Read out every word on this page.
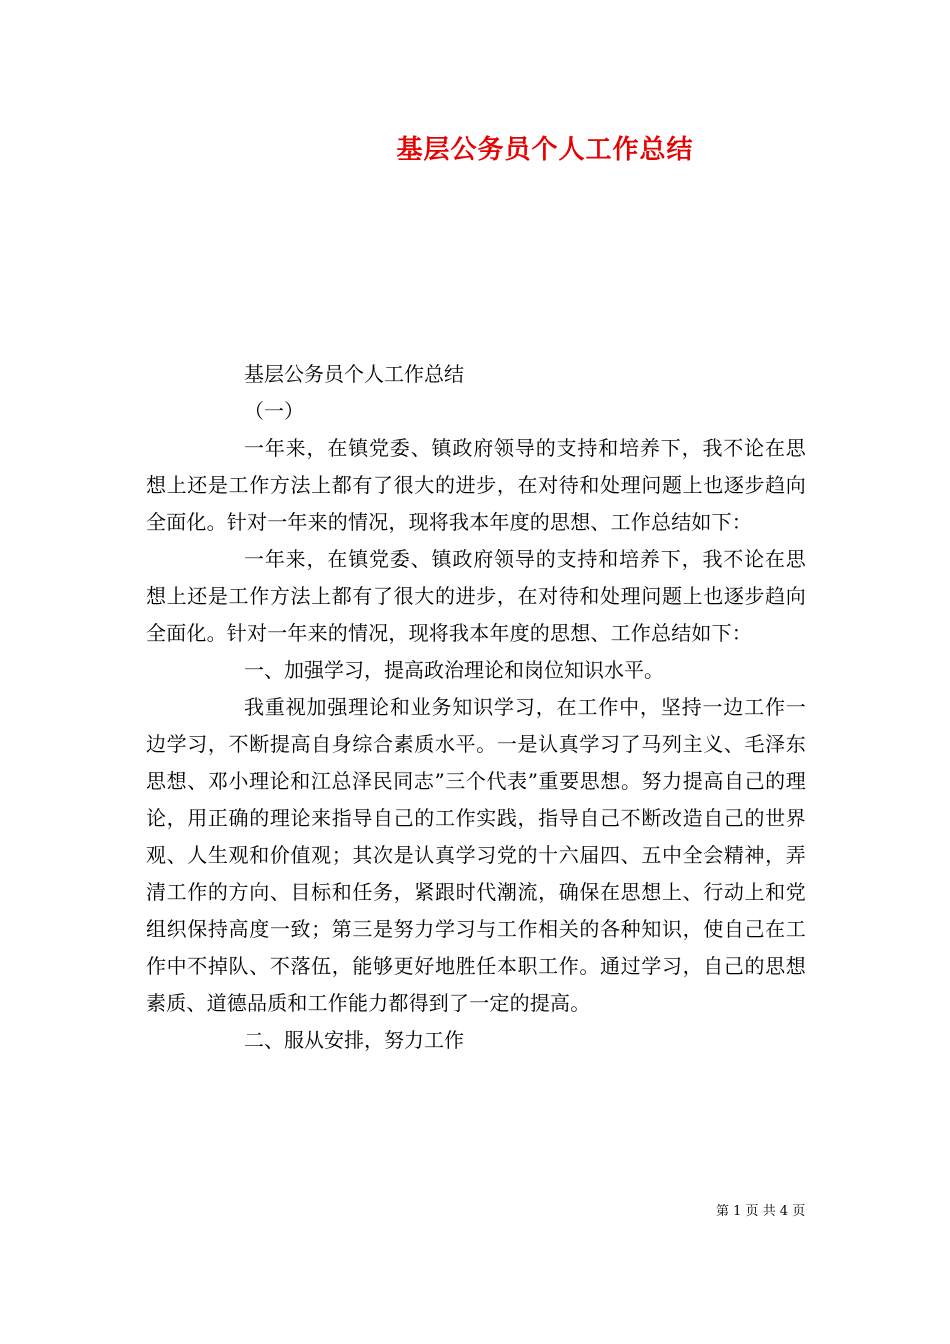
基层公务员个人工作总结
基层公务员个人工作总结
（一）

一年来，在镇党委、镇政府领导的支持和培养下，我不论在思想上还是工作方法上都有了很大的进步，在对待和处理问题上也逐步趋向全面化。针对一年来的情况，现将我本年度的思想、工作总结如下：

一年来，在镇党委、镇政府领导的支持和培养下，我不论在思想上还是工作方法上都有了很大的进步，在对待和处理问题上也逐步趋向全面化。针对一年来的情况，现将我本年度的思想、工作总结如下：

一、加强学习，提高政治理论和岗位知识水平。

我重视加强理论和业务知识学习，在工作中，坚持一边工作一边学习，不断提高自身综合素质水平。一是认真学习了马列主义、毛泽东思想、邓小理论和江总泽民同志”三个代表”重要思想。努力提高自己的理论，用正确的理论来指导自己的工作实践，指导自己不断改造自己的世界观、人生观和价值观；其次是认真学习党的十六届四、五中全会精神，弄清工作的方向、目标和任务，紧跟时代潮流，确保在思想上、行动上和党组织保持高度一致；第三是努力学习与工作相关的各种知识，使自己在工作中不掉队、不落伍，能够更好地胜任本职工作。通过学习，自己的思想素质、道德品质和工作能力都得到了一定的提高。

二、服从安排，努力工作
第 1 页 共 4 页
